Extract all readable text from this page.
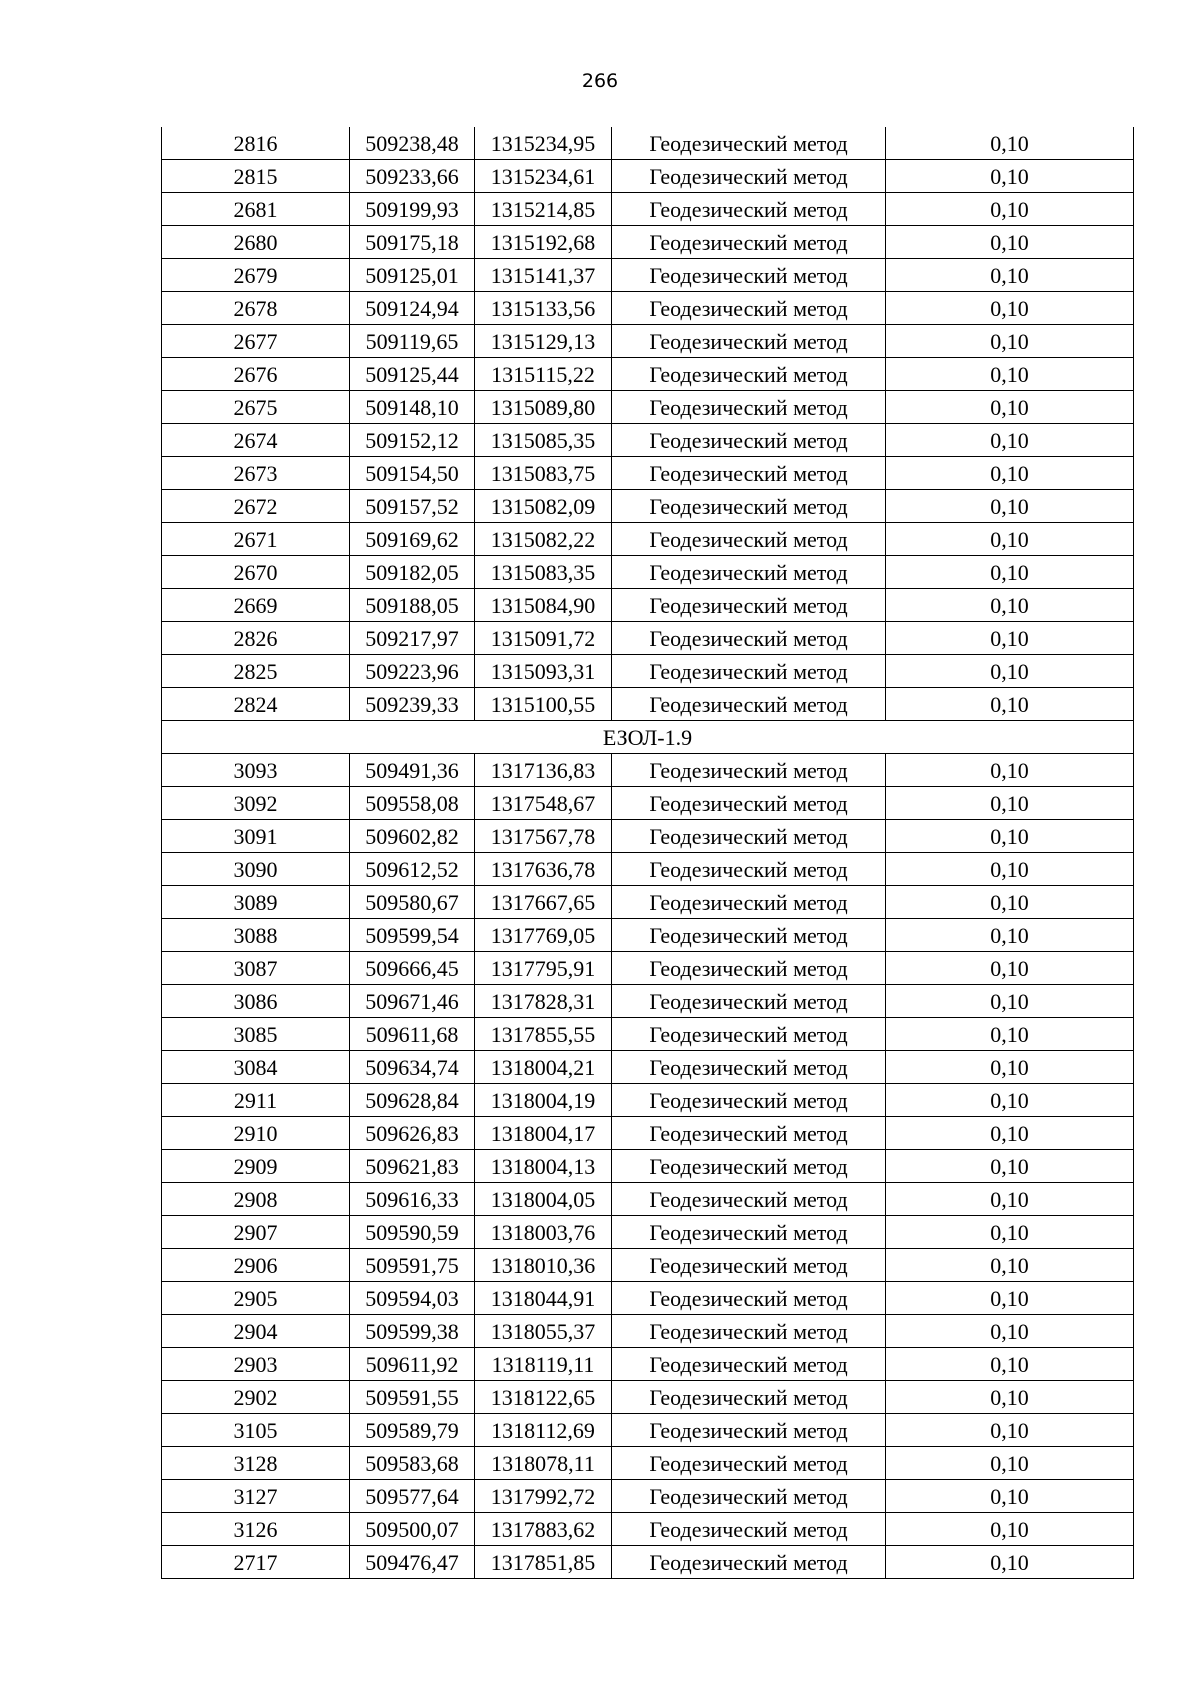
266
2816	509238,48	1315234,95	Геодезический метод	0,10
2815	509233,66	1315234,61	Геодезический метод	0,10
2681	509199,93	1315214,85	Геодезический метод	0,10
2680	509175,18	1315192,68	Геодезический метод	0,10
2679	509125,01	1315141,37	Геодезический метод	0,10
2678	509124,94	1315133,56	Геодезический метод	0,10
2677	509119,65	1315129,13	Геодезический метод	0,10
2676	509125,44	1315115,22	Геодезический метод	0,10
2675	509148,10	1315089,80	Геодезический метод	0,10
2674	509152,12	1315085,35	Геодезический метод	0,10
2673	509154,50	1315083,75	Геодезический метод	0,10
2672	509157,52	1315082,09	Геодезический метод	0,10
2671	509169,62	1315082,22	Геодезический метод	0,10
2670	509182,05	1315083,35	Геодезический метод	0,10
2669	509188,05	1315084,90	Геодезический метод	0,10
2826	509217,97	1315091,72	Геодезический метод	0,10
2825	509223,96	1315093,31	Геодезический метод	0,10
2824	509239,33	1315100,55	Геодезический метод	0,10
ЕЗОЛ-1.9				
3093	509491,36	1317136,83	Геодезический метод	0,10
3092	509558,08	1317548,67	Геодезический метод	0,10
3091	509602,82	1317567,78	Геодезический метод	0,10
3090	509612,52	1317636,78	Геодезический метод	0,10
3089	509580,67	1317667,65	Геодезический метод	0,10
3088	509599,54	1317769,05	Геодезический метод	0,10
3087	509666,45	1317795,91	Геодезический метод	0,10
3086	509671,46	1317828,31	Геодезический метод	0,10
3085	509611,68	1317855,55	Геодезический метод	0,10
3084	509634,74	1318004,21	Геодезический метод	0,10
2911	509628,84	1318004,19	Геодезический метод	0,10
2910	509626,83	1318004,17	Геодезический метод	0,10
2909	509621,83	1318004,13	Геодезический метод	0,10
2908	509616,33	1318004,05	Геодезический метод	0,10
2907	509590,59	1318003,76	Геодезический метод	0,10
2906	509591,75	1318010,36	Геодезический метод	0,10
2905	509594,03	1318044,91	Геодезический метод	0,10
2904	509599,38	1318055,37	Геодезический метод	0,10
2903	509611,92	1318119,11	Геодезический метод	0,10
2902	509591,55	1318122,65	Геодезический метод	0,10
3105	509589,79	1318112,69	Геодезический метод	0,10
3128	509583,68	1318078,11	Геодезический метод	0,10
3127	509577,64	1317992,72	Геодезический метод	0,10
3126	509500,07	1317883,62	Геодезический метод	0,10
2717	509476,47	1317851,85	Геодезический метод	0,10
